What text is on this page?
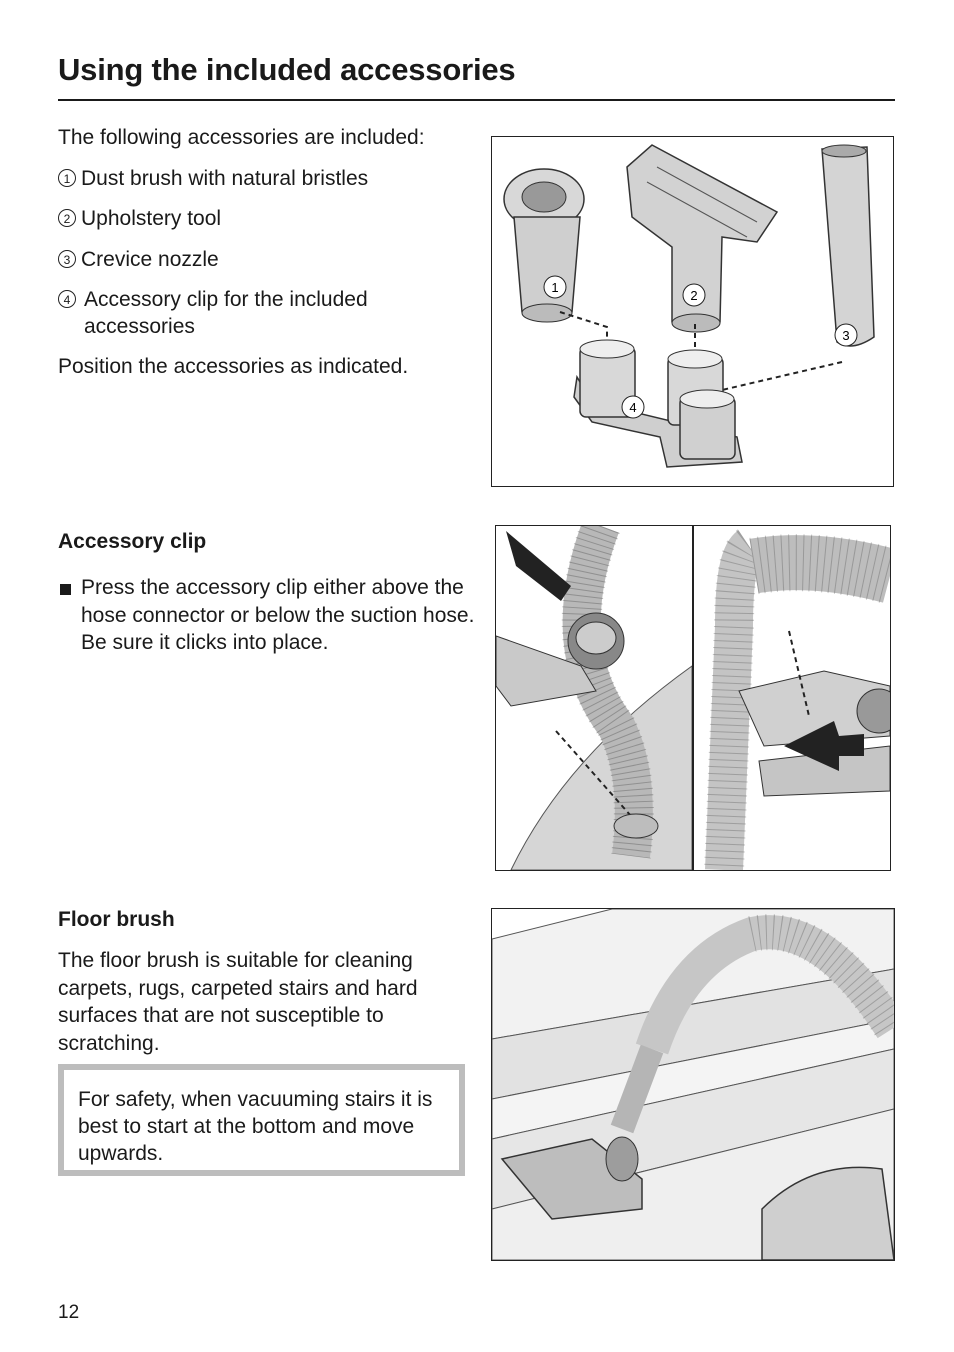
Using the included accessories

The following accessories are included:

1 Dust brush with natural bristles
2 Upholstery tool
3 Crevice nozzle
4 Accessory clip for the included accessories

Position the accessories as indicated.

1
2
3
4
Accessory clip
Press the accessory clip either above the hose connector or below the suction hose. Be sure it clicks into place.
Floor brush

The floor brush is suitable for cleaning carpets, rugs, carpeted stairs and hard surfaces that are not susceptible to scratching.

For safety, when vacuuming stairs it is best to start at the bottom and move upwards.

12
